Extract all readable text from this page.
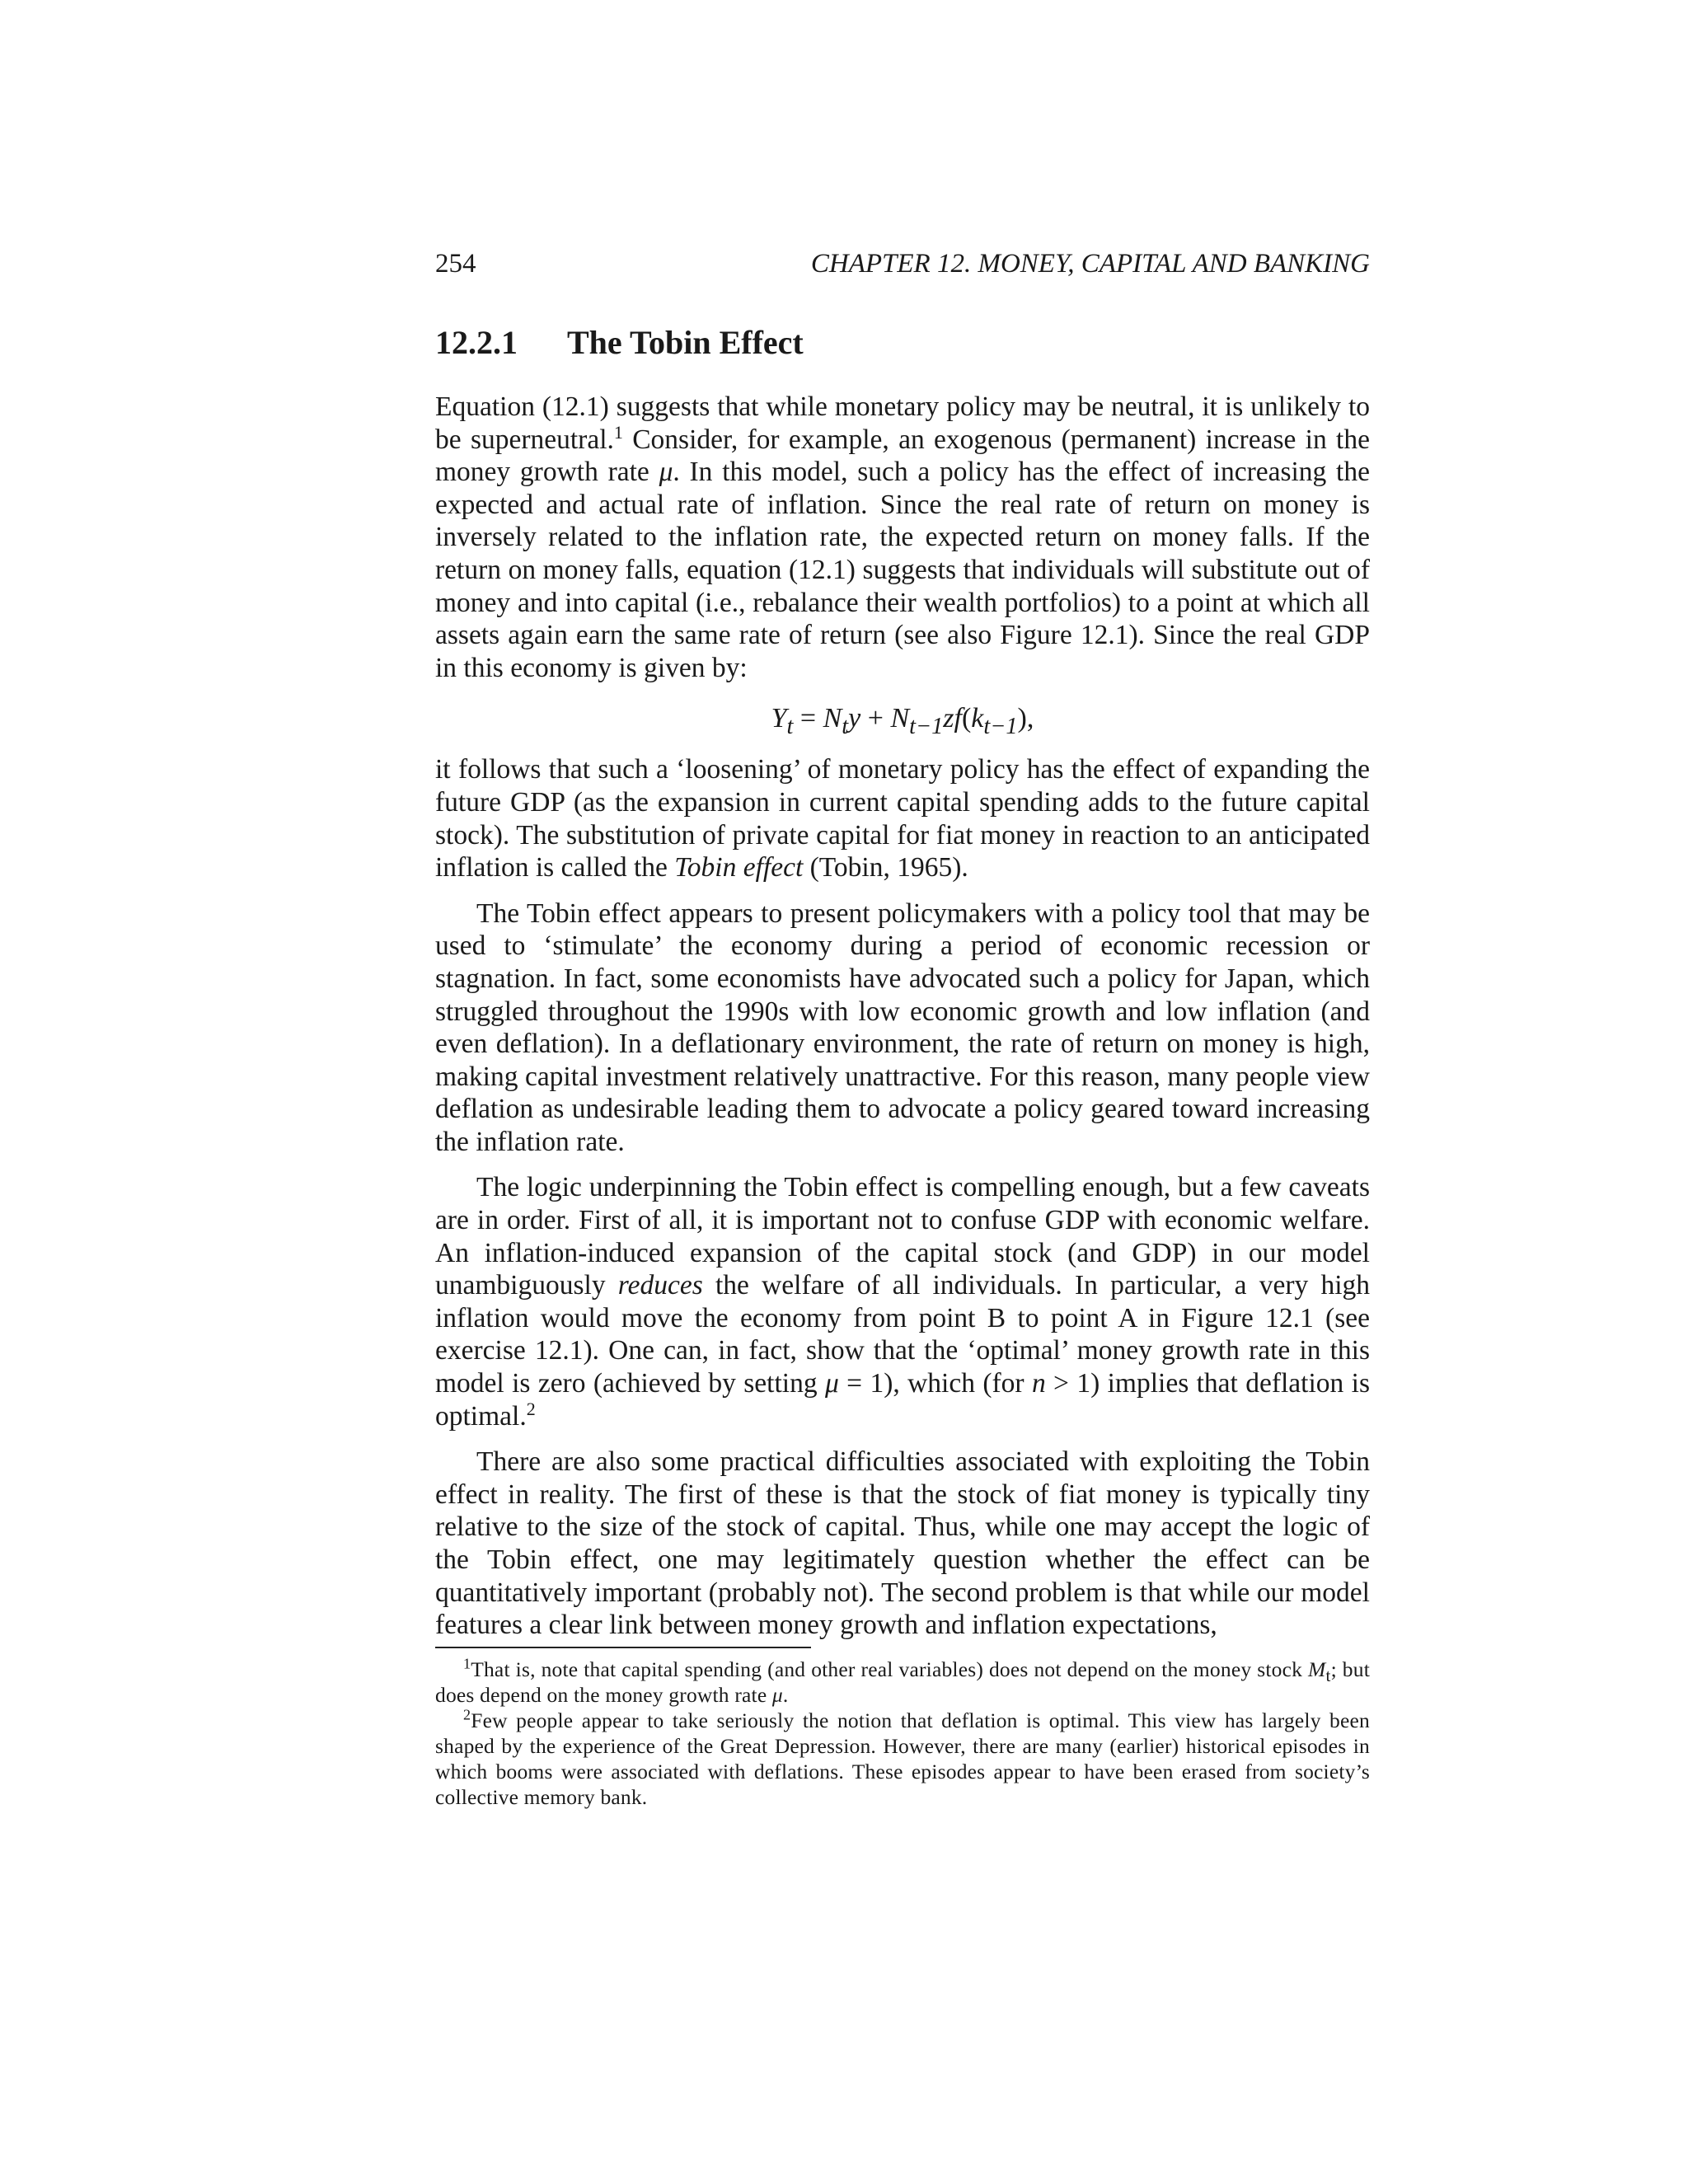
254	CHAPTER 12. MONEY, CAPITAL AND BANKING
12.2.1 The Tobin Effect

Equation (12.1) suggests that while monetary policy may be neutral, it is unlikely to be superneutral.$^1$ Consider, for example, an exogenous (permanent) increase in the money growth rate μ. In this model, such a policy has the effect of increasing the expected and actual rate of inflation. Since the real rate of return on money is inversely related to the inflation rate, the expected return on money falls. If the return on money falls, equation (12.1) suggests that individuals will substitute out of money and into capital (i.e., rebalance their wealth portfolios) to a point at which all assets again earn the same rate of return (see also Figure 12.1). Since the real GDP in this economy is given by:

$Y_t = N_ty + N_{t-1}zf(k_{t-1})$,

it follows that such a ‘loosening’ of monetary policy has the effect of expanding the future GDP (as the expansion in current capital spending adds to the future capital stock). The substitution of private capital for fiat money in reaction to an anticipated inflation is called the Tobin effect (Tobin, 1965).

The Tobin effect appears to present policymakers with a policy tool that may be used to ‘stimulate’ the economy during a period of economic recession or stagnation. In fact, some economists have advocated such a policy for Japan, which struggled throughout the 1990s with low economic growth and low inflation (and even deflation). In a deflationary environment, the rate of return on money is high, making capital investment relatively unattractive. For this reason, many people view deflation as undesirable leading them to advocate a policy geared toward increasing the inflation rate.

The logic underpinning the Tobin effect is compelling enough, but a few caveats are in order. First of all, it is important not to confuse GDP with economic welfare. An inflation-induced expansion of the capital stock (and GDP) in our model unambiguously reduces the welfare of all individuals. In particular, a very high inflation would move the economy from point B to point A in Figure 12.1 (see exercise 12.1). One can, in fact, show that the ‘optimal’ money growth rate in this model is zero (achieved by setting μ = 1), which (for n > 1) implies that deflation is optimal.$^2$

There are also some practical difficulties associated with exploiting the Tobin effect in reality. The first of these is that the stock of fiat money is typically tiny relative to the size of the stock of capital. Thus, while one may accept the logic of the Tobin effect, one may legitimately question whether the effect can be quantitatively important (probably not). The second problem is that while our model features a clear link between money growth and inflation expectations,

$^1$That is, note that capital spending (and other real variables) does not depend on the money stock $M_t$; but does depend on the money growth rate μ.

$^2$Few people appear to take seriously the notion that deflation is optimal. This view has largely been shaped by the experience of the Great Depression. However, there are many (earlier) historical episodes in which booms were associated with deflations. These episodes appear to have been erased from society’s collective memory bank.
